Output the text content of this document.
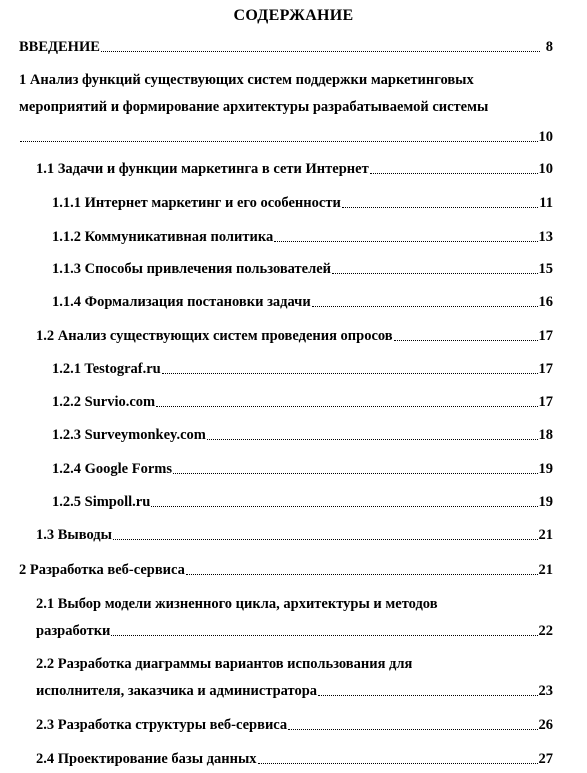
СОДЕРЖАНИЕ
ВВЕДЕНИЕ	8
1 Анализ функций существующих систем поддержки маркетинговых
мероприятий и формирование архитектуры разрабатываемой системы
10
1.1 Задачи и функции маркетинга в сети Интернет	10
1.1.1 Интернет маркетинг и его особенности	11
1.1.2 Коммуникативная политика	13
1.1.3 Способы привлечения пользователей	15
1.1.4 Формализация постановки задачи	16
1.2 Анализ существующих систем проведения опросов	17
1.2.1 Testograf.ru	17
1.2.2 Survio.com	17
1.2.3 Surveymonkey.com	18
1.2.4 Google Forms	19
1.2.5 Simpoll.ru	19
1.3 Выводы	21
2 Разработка веб-сервиса	21
2.1 Выбор модели жизненного цикла, архитектуры и методов
разработки	22
2.2 Разработка диаграммы вариантов использования для
исполнителя, заказчика и администратора	23
2.3 Разработка структуры веб-сервиса	26
2.4 Проектирование базы данных	27
